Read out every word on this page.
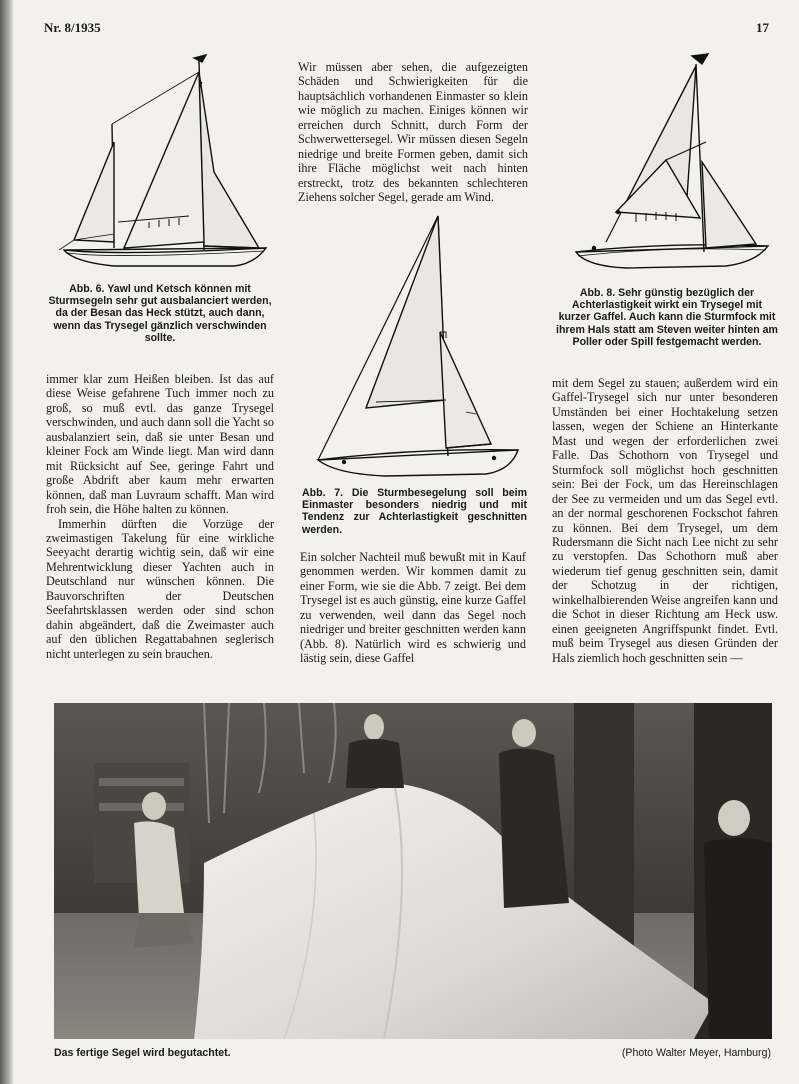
Nr. 8/1935	17
Abb. 6. Yawl und Ketsch können mit Sturmsegeln sehr gut ausbalanciert werden, da der Besan das Heck stützt, auch dann, wenn das Trysegel gänzlich verschwinden sollte.
Abb. 7. Die Sturmbesegelung soll beim Einmaster besonders niedrig und mit Tendenz zur Achterlastigkeit geschnitten werden.
Abb. 8. Sehr günstig bezüglich der Achterlastigkeit wirkt ein Trysegel mit kurzer Gaffel. Auch kann die Sturmfock mit ihrem Hals statt am Steven weiter hinten am Poller oder Spill festgemacht werden.

Wir müssen aber sehen, die aufgezeigten Schäden und Schwierigkeiten für die hauptsächlich vorhandenen Einmaster so klein wie möglich zu machen. Einiges können wir erreichen durch Schnitt, durch Form der Schwerwettersegel. Wir müssen diesen Segeln niedrige und breite Formen geben, damit sich ihre Fläche möglichst weit nach hinten erstreckt, trotz des bekannten schlechteren Ziehens solcher Segel, gerade am Wind.

immer klar zum Heißen bleiben. Ist das auf diese Weise gefahrene Tuch immer noch zu groß, so muß evtl. das ganze Trysegel verschwinden, und auch dann soll die Yacht so ausbalanziert sein, daß sie unter Besan und kleiner Fock am Winde liegt. Man wird dann mit Rücksicht auf See, geringe Fahrt und große Abdrift aber kaum mehr erwarten können, daß man Luvraum schafft. Man wird froh sein, die Höhe halten zu können.

Immerhin dürften die Vorzüge der zweimastigen Takelung für eine wirkliche Seeyacht derartig wichtig sein, daß wir eine Mehrentwicklung dieser Yachten auch in Deutschland nur wünschen können. Die Bauvorschriften der Deutschen Seefahrtsklassen werden oder sind schon dahin abgeändert, daß die Zweimaster auch auf den üblichen Regattabahnen seglerisch nicht unterlegen zu sein brauchen.

Ein solcher Nachteil muß bewußt mit in Kauf genommen werden. Wir kommen damit zu einer Form, wie sie die Abb. 7 zeigt. Bei dem Trysegel ist es auch günstig, eine kurze Gaffel zu verwenden, weil dann das Segel noch niedriger und breiter geschnitten werden kann (Abb. 8). Natürlich wird es schwierig und lästig sein, diese Gaffel

mit dem Segel zu stauen; außerdem wird ein Gaffel-Trysegel sich nur unter besonderen Umständen bei einer Hochtakelung setzen lassen, wegen der Schiene an Hinterkante Mast und wegen der erforderlichen zwei Falle. Das Schothorn von Trysegel und Sturmfock soll möglichst hoch geschnitten sein: Bei der Fock, um das Hereinschlagen der See zu vermeiden und um das Segel evtl. an der normal geschorenen Fockschot fahren zu können. Bei dem Trysegel, um dem Rudersmann die Sicht nach Lee nicht zu sehr zu verstopfen. Das Schothorn muß aber wiederum tief genug geschnitten sein, damit der Schotzug in der richtigen, winkelhalbierenden Weise angreifen kann und die Schot in dieser Richtung am Heck usw. einen geeigneten Angriffspunkt findet. Evtl. muß beim Trysegel aus diesen Gründen der Hals ziemlich hoch geschnitten sein —

Das fertige Segel wird begutachtet.	(Photo Walter Meyer, Hamburg)
